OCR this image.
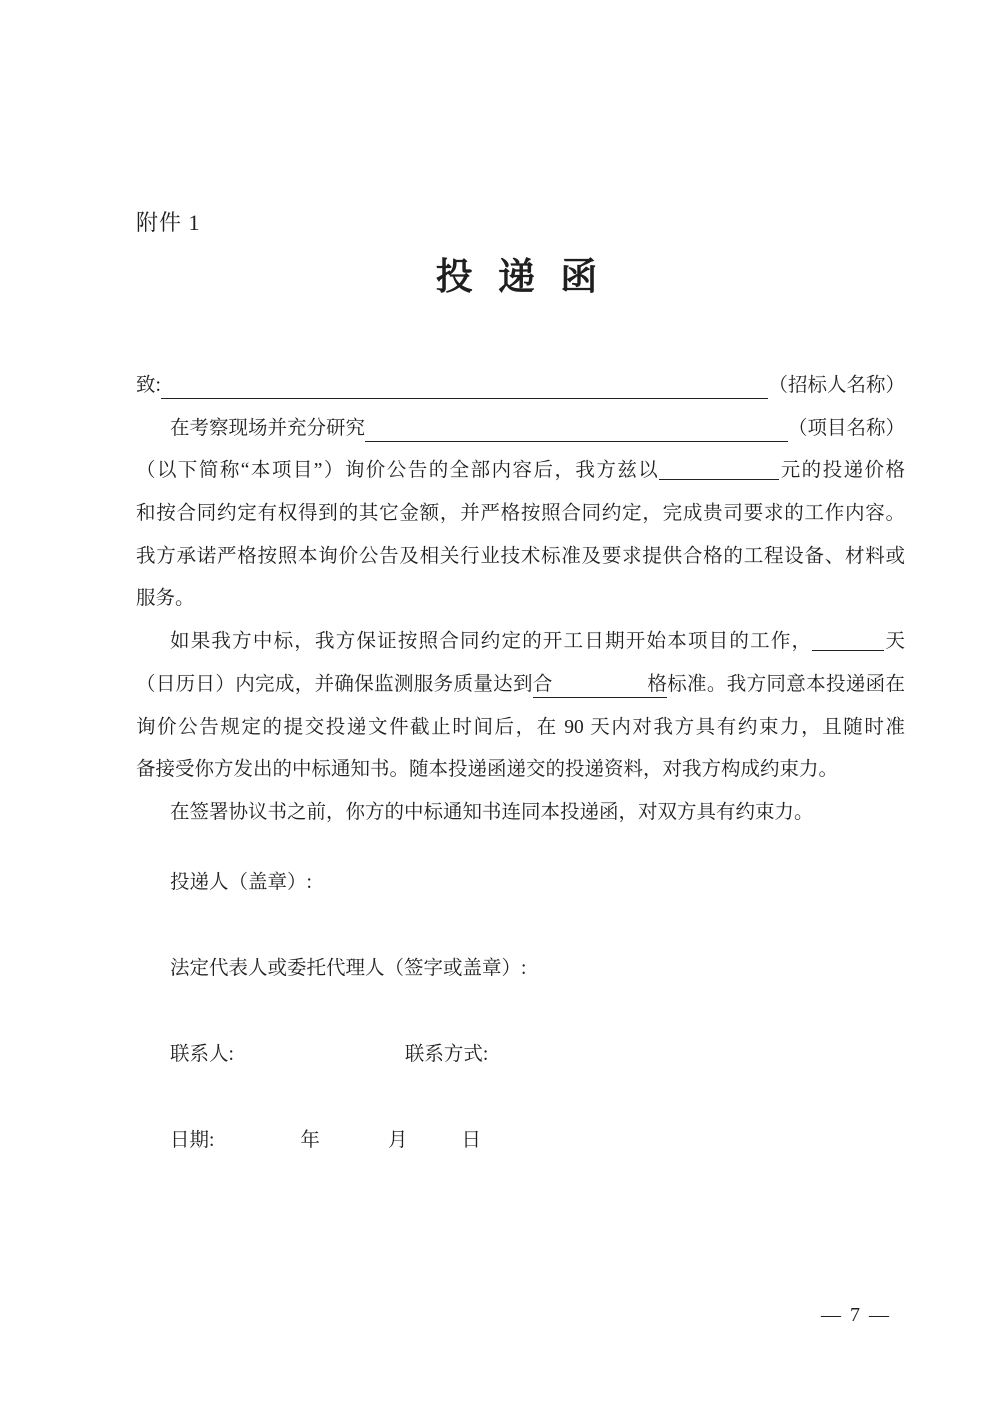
附件 1
投 递 函
致:	（招标人名称）
在考察现场并充分研究	（项目名称）
（以下简称“本项目”）询价公告的全部内容后，我方兹以	元的投递价格
和按合同约定有权得到的其它金额，并严格按照合同约定，完成贵司要求的工作内容。
我方承诺严格按照本询价公告及相关行业技术标准及要求提供合格的工程设备、材料或
服务。
如果我方中标，我方保证按照合同约定的开工日期开始本项目的工作，	天
（日历日）内完成，并确保监测服务质量达到合格标准。我方同意本投递函在
询价公告规定的提交投递文件截止时间后，在 90 天内对我方具有约束力，且随时准
备接受你方发出的中标通知书。随本投递函递交的投递资料，对我方构成约束力。
在签署协议书之前，你方的中标通知书连同本投递函，对双方具有约束力。
投递人（盖章）:
法定代表人或委托代理人（签字或盖章）:
联系人:	联系方式:
日期:	年	月	日
— 7 —
